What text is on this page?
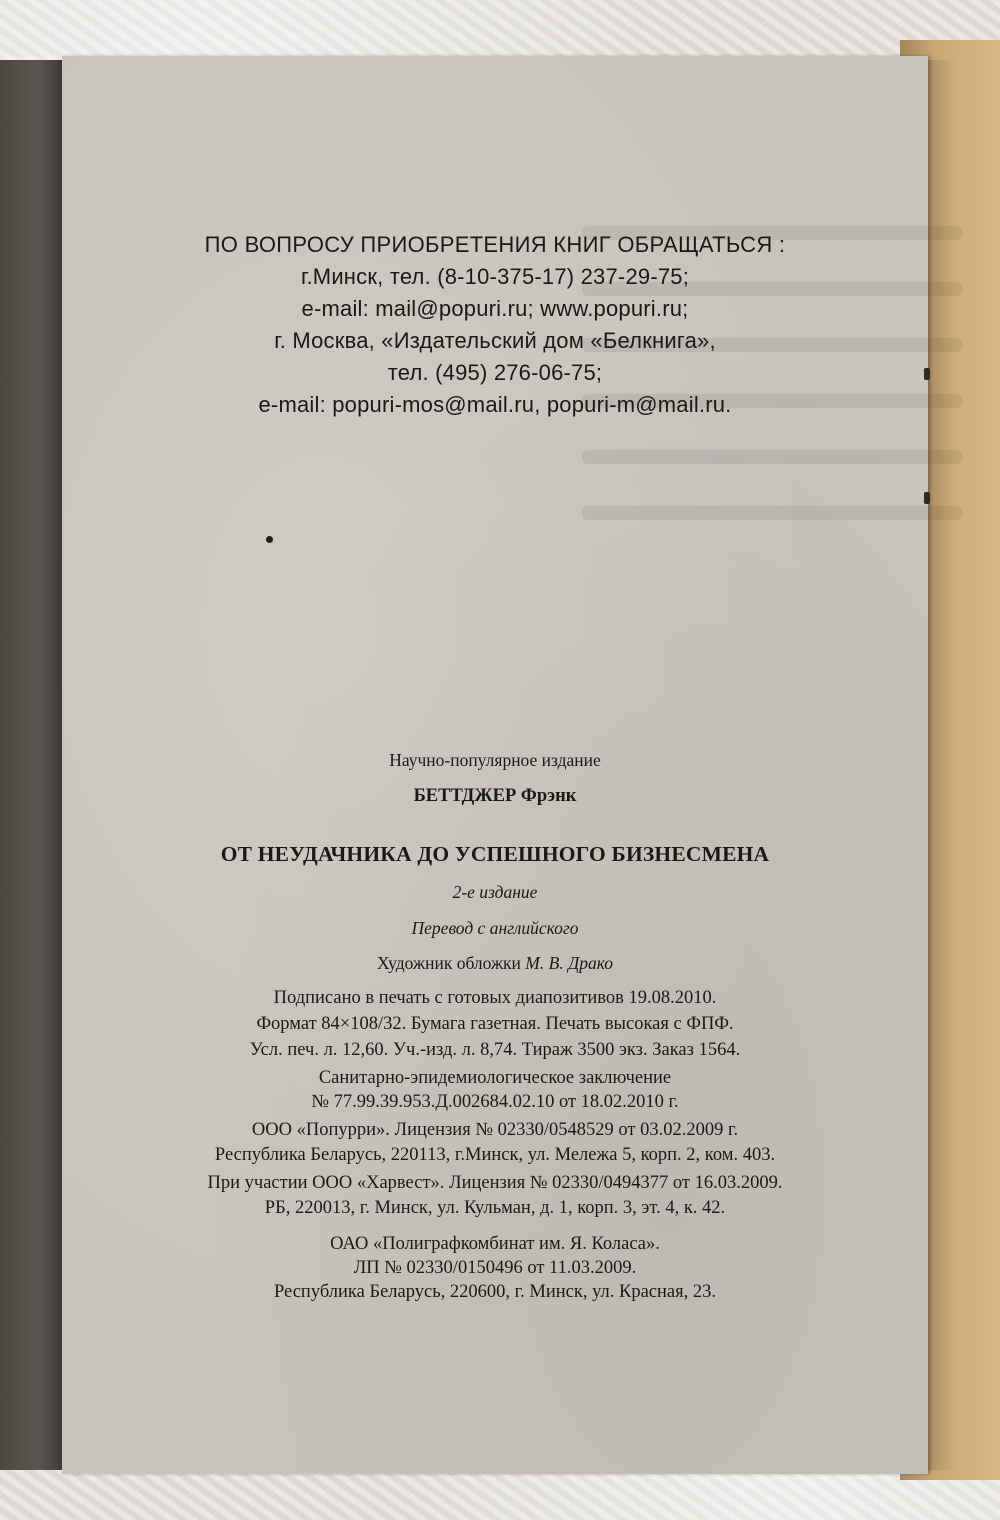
ПО ВОПРОСУ ПРИОБРЕТЕНИЯ КНИГ ОБРАЩАТЬСЯ :

г.Минск, тел. (8-10-375-17) 237-29-75;

e-mail: mail@popuri.ru; www.popuri.ru;

г. Москва, «Издательский дом «Белкнига»,

тел. (495) 276-06-75;

e-mail: popuri-mos@mail.ru, popuri-m@mail.ru.

Научно-популярное издание

БЕТТДЖЕР Фрэнк

ОТ НЕУДАЧНИКА ДО УСПЕШНОГО БИЗНЕСМЕНА

2-е издание

Перевод с английского

Художник обложки М. В. Драко

Подписано в печать с готовых диапозитивов 19.08.2010.

Формат 84×108/32. Бумага газетная. Печать высокая с ФПФ.

Усл. печ. л. 12,60. Уч.-изд. л. 8,74. Тираж 3500 экз. Заказ 1564.

Санитарно-эпидемиологическое заключение

№ 77.99.39.953.Д.002684.02.10 от 18.02.2010 г.

ООО «Попурри». Лицензия № 02330/0548529 от 03.02.2009 г.

Республика Беларусь, 220113, г.Минск, ул. Мележа 5, корп. 2, ком. 403.

При участии ООО «Харвест». Лицензия № 02330/0494377 от 16.03.2009.

РБ, 220013, г. Минск, ул. Кульман, д. 1, корп. 3, эт. 4, к. 42.

ОАО «Полиграфкомбинат им. Я. Коласа».

ЛП № 02330/0150496 от 11.03.2009.

Республика Беларусь, 220600, г. Минск, ул. Красная, 23.
